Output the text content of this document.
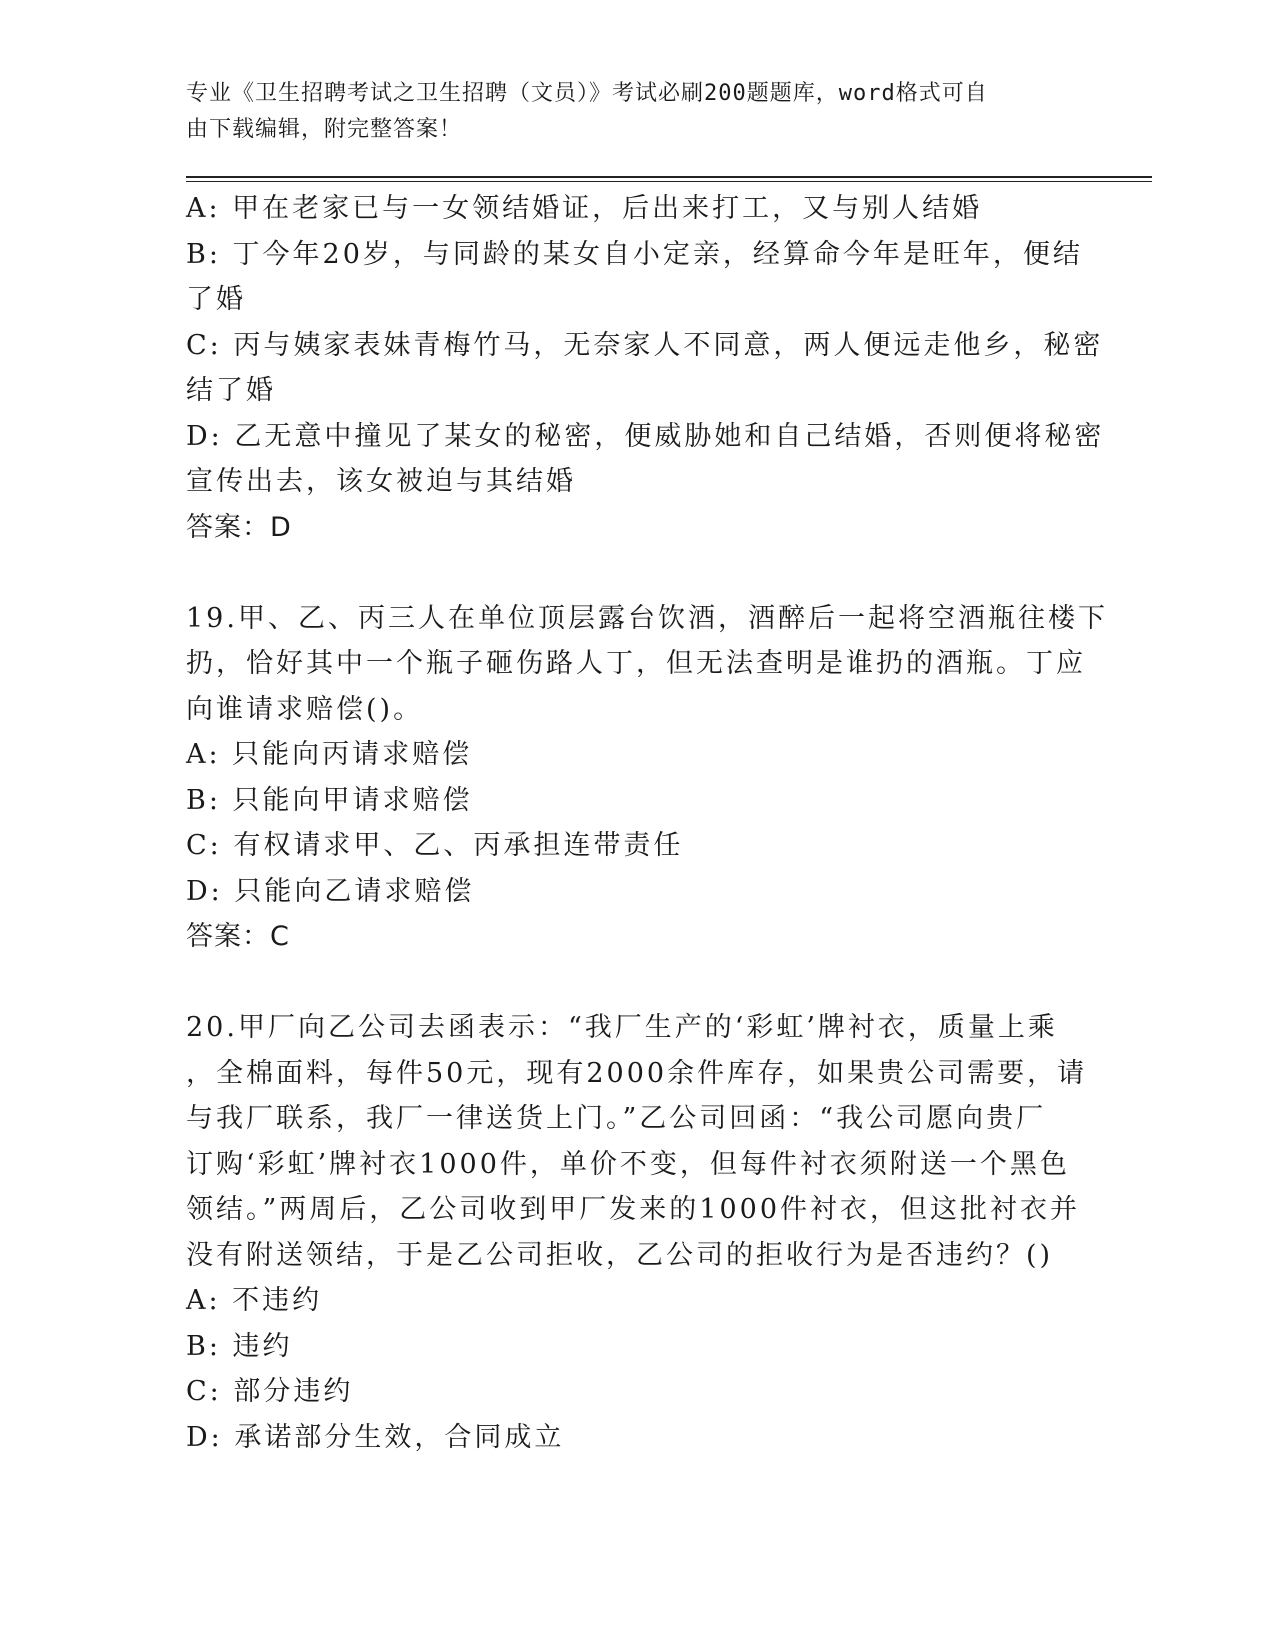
专业《卫生招聘考试之卫生招聘（文员）》考试必刷200题题库，word格式可自
由下载编辑，附完整答案！
A: 甲在老家已与一女领结婚证，后出来打工，又与别人结婚
B: 丁今年20岁，与同龄的某女自小定亲，经算命今年是旺年，便结
了婚
C: 丙与姨家表妹青梅竹马，无奈家人不同意，两人便远走他乡，秘密
结了婚
D: 乙无意中撞见了某女的秘密，便威胁她和自己结婚，否则便将秘密
宣传出去，该女被迫与其结婚
答案：D
19.甲、乙、丙三人在单位顶层露台饮酒，酒醉后一起将空酒瓶往楼下
扔，恰好其中一个瓶子砸伤路人丁，但无法查明是谁扔的酒瓶。丁应
向谁请求赔偿()。
A: 只能向丙请求赔偿
B: 只能向甲请求赔偿
C: 有权请求甲、乙、丙承担连带责任
D: 只能向乙请求赔偿
答案：C
20.甲厂向乙公司去函表示：“我厂生产的‘彩虹’牌衬衣，质量上乘
，全棉面料，每件50元，现有2000余件库存，如果贵公司需要，请
与我厂联系，我厂一律送货上门。”乙公司回函：“我公司愿向贵厂
订购‘彩虹’牌衬衣1000件，单价不变，但每件衬衣须附送一个黑色
领结。”两周后，乙公司收到甲厂发来的1000件衬衣，但这批衬衣并
没有附送领结，于是乙公司拒收，乙公司的拒收行为是否违约？()
A: 不违约
B: 违约
C: 部分违约
D: 承诺部分生效，合同成立
